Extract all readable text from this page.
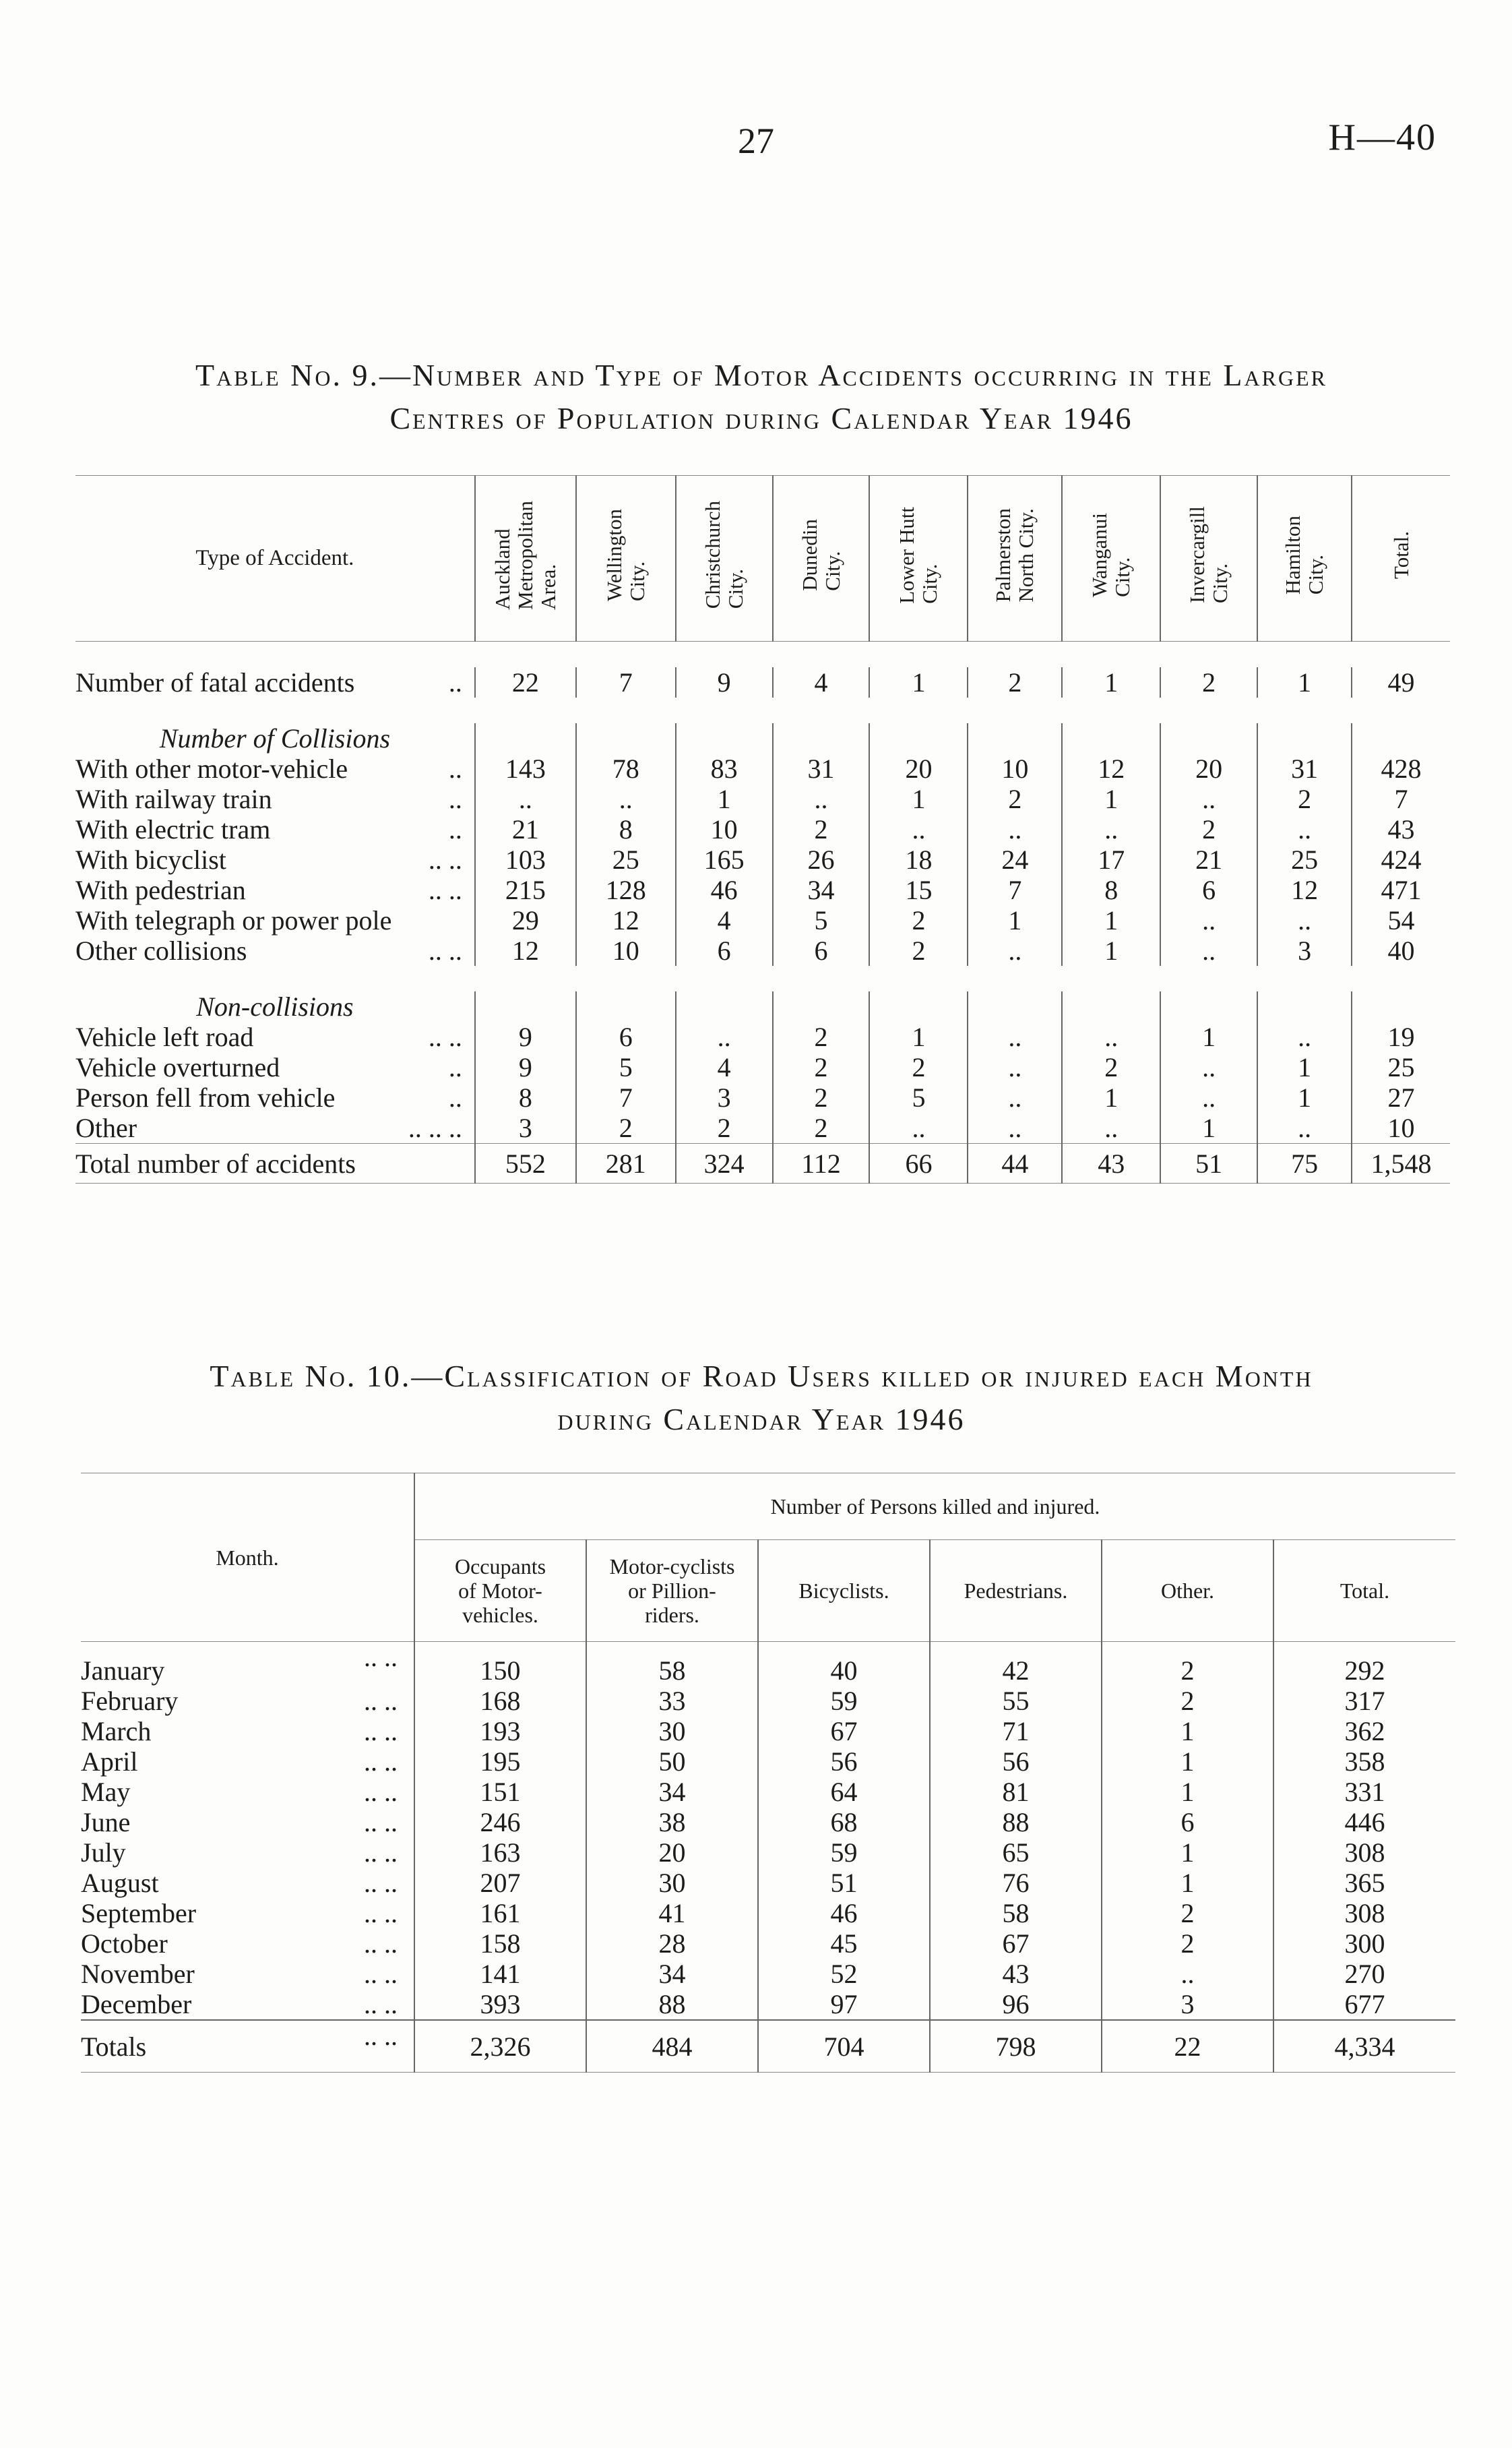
27	H—40
Table No. 9.—Number and Type of Motor Accidents occurring in the Larger
Centres of Population during Calendar Year 1946
Type of Accident.	Auckland
Metropolitan
Area.	Wellington
City.	Christchurch
City.	Dunedin
City.	Lower Hutt
City.	Palmerston
North City.	Wanganui
City.	Invercargill
City.	Hamilton
City.	Total.

Number of fatal accidents ..	22	7	9	4	1	2	1	2	1	49

Number of Collisions										
With other motor-vehicle ..	143	78	83	31	20	10	12	20	31	428
With railway train ..	..	..	1	..	1	2	1	..	2	7
With electric tram ..	21	8	10	2	..	..	..	2	..	43
With bicyclist .. ..	103	25	165	26	18	24	17	21	25	424
With pedestrian .. ..	215	128	46	34	15	7	8	6	12	471
With telegraph or power pole	29	12	4	5	2	1	1	..	..	54
Other collisions .. ..	12	10	6	6	2	..	1	..	3	40

Non-collisions										
Vehicle left road .. ..	9	6	..	2	1	..	..	1	..	19
Vehicle overturned ..	9	5	4	2	2	..	2	..	1	25
Person fell from vehicle ..	8	7	3	2	5	..	1	..	1	27
Other .. .. ..	3	2	2	2	..	..	..	1	..	10
Total number of accidents	552	281	324	112	66	44	43	51	75	1,548
Table No. 10.—Classification of Road Users killed or injured each Month
during Calendar Year 1946
Month.	Number of Persons killed and injured.					
	Occupants
of Motor-
vehicles.	Motor-cyclists
or Pillion-
riders.	Bicyclists.	Pedestrians.	Other.	Total.
January .. ..	150	58	40	42	2	292
February .. ..	168	33	59	55	2	317
March .. ..	193	30	67	71	1	362
April .. ..	195	50	56	56	1	358
May .. ..	151	34	64	81	1	331
June .. ..	246	38	68	88	6	446
July .. ..	163	20	59	65	1	308
August .. ..	207	30	51	76	1	365
September .. ..	161	41	46	58	2	308
October .. ..	158	28	45	67	2	300
November .. ..	141	34	52	43	..	270
December .. ..	393	88	97	96	3	677
Totals .. ..	2,326	484	704	798	22	4,334
